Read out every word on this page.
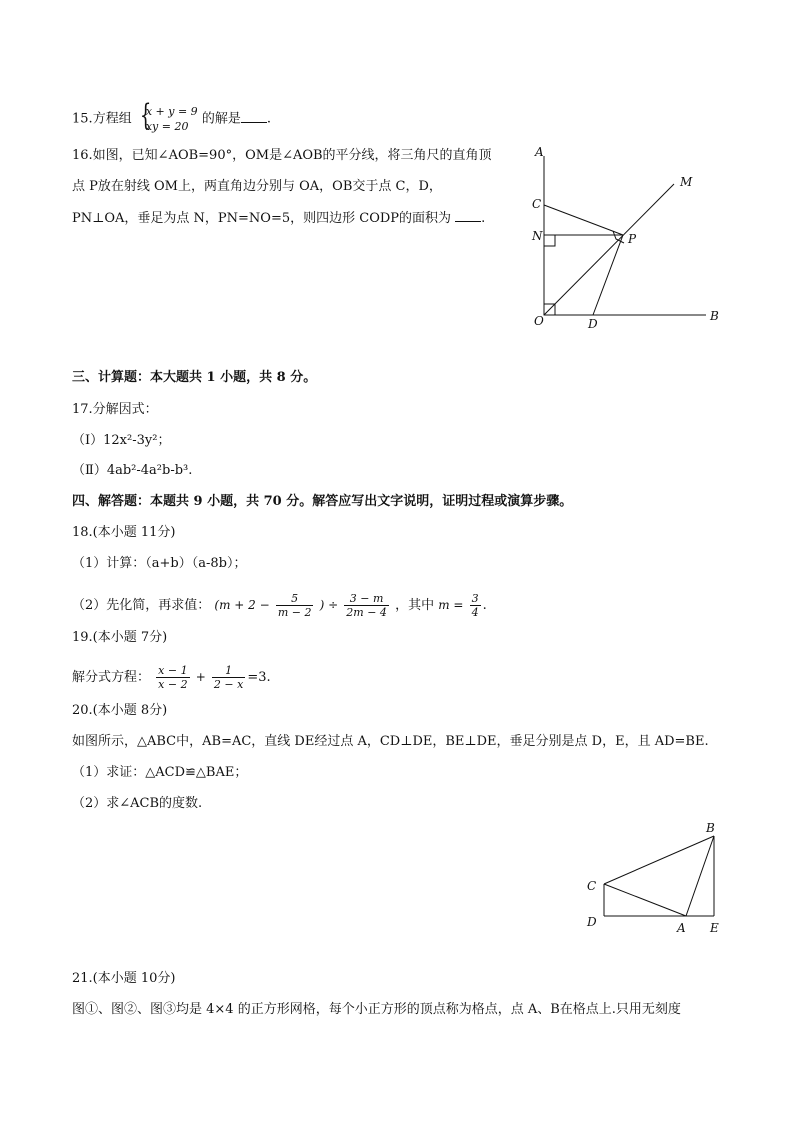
15.方程组 {
x + y = 9
xy = 20	的解是 .
16.如图，已知∠AOB=90°，OM是∠AOB的平分线，将三角尺的直角顶
点 P放在射线 OM上，两直角边分别与 OA，OB交于点 C，D，
PN⊥OA，垂足为点 N，PN=NO=5，则四边形 CODP的面积为 .
A
M
C
N	P
O	D
B
三、计算题：本大题共 1 小题，共 8 分。
17.分解因式：
（Ⅰ）12x²-3y²；
（Ⅱ）4ab²-4a²b-b³.
四、解答题：本题共 9 小题，共 70 分。解答应写出文字说明，证明过程或演算步骤。
18.(本小题 11分)
（1）计算：（a+b）（a-8b）；
（2）先化简，再求值： ($m + 2 - \frac{5}{m - 2}$ ) ÷ $\frac{3 - m}{2m - 4}$ ，其中 $m = \frac{3}{4}$ .
19.(本小题 7分)
解分式方程： $\frac{x - 1}{x - 2} + \frac{1}{2 - x} =3$.
20.(本小题 8分)
如图所示，△ABC中，AB=AC，直线 DE经过点 A，CD⊥DE，BE⊥DE，垂足分别是点 D，E，且 AD=BE.
（1）求证：△ACD≌△BAE；
（2）求∠ACB的度数.
B
C
D	A E
21.(本小题 10分)
图①、图②、图③均是 4×4 的正方形网格，每个小正方形的顶点称为格点，点 A、B在格点上.只用无刻度
